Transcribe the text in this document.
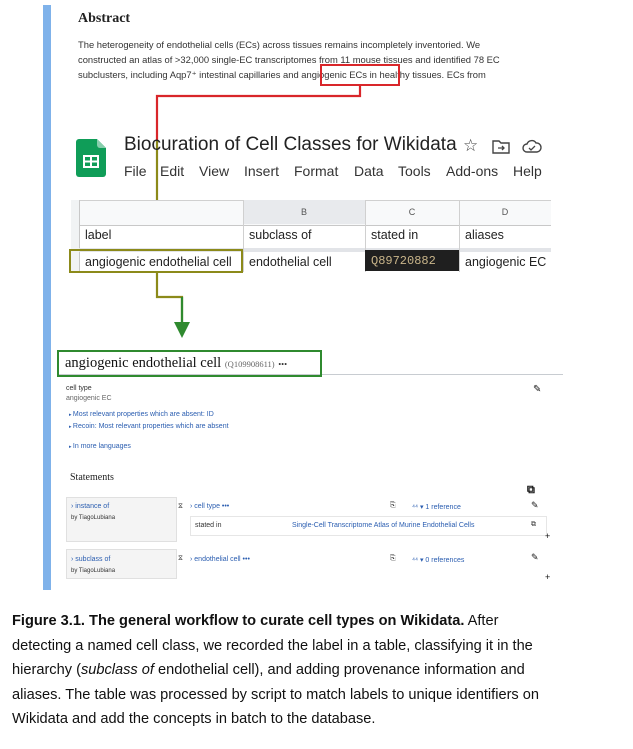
Abstract
The heterogeneity of endothelial cells (ECs) across tissues remains incompletely inventoried. We
constructed an atlas of >32,000 single-EC transcriptomes from 11 mouse tissues and identified 78 EC
subclusters, including Aqp7⁺ intestinal capillaries and angiogenic ECs in healthy tissues. ECs from
Biocuration of Cell Classes for Wikidata ☆
File Edit View Insert Format Data Tools Add-ons Help
B	C	D
label	subclass of	stated in	aliases
angiogenic endothelial cell	endothelial cell	Q89720882	angiogenic EC
angiogenic endothelial cell (Q109908611) •••
cell type
angiogenic EC
✎
▸ Most relevant properties which are absent: ID
▸ Recoin: Most relevant properties which are absent
▸ In more languages
Statements
⧉
› instance of
by TiagoLubiana
⧖ › cell type •••	⎘ ⁴⁴ ▾ 1 reference	✎
stated in	Single-Cell Transcriptome Atlas of Murine Endothelial Cells	⧉
+
› subclass of
by TiagoLubiana
⧖ › endothelial cell •••	⎘ ⁴⁴ ▾ 0 references	✎
+
Figure 3.1. The general workflow to curate cell types on Wikidata. After
detecting a named cell class, we recorded the label in a table, classifying it in the
hierarchy (subclass of endothelial cell), and adding provenance information and
aliases. The table was processed by script to match labels to unique identifiers on
Wikidata and add the concepts in batch to the database.
